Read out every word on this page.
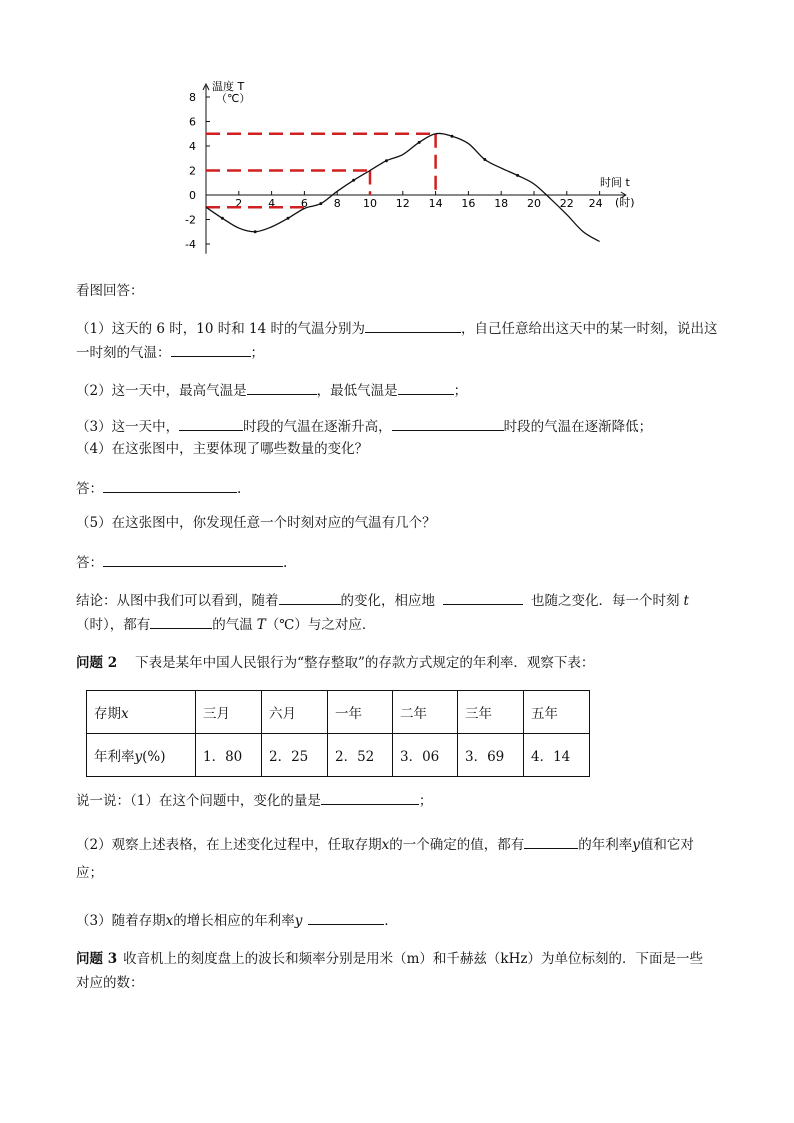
-4
-2
0
2
4
6
8
2 4 6 8 10 12 14 16 18 20 22 24
温度 T
（℃）
时间 t
(时)
看图回答：
（1）这天的 6 时，10 时和 14 时的气温分别为	，自己任意给出这天中的某一时刻，说出这
一时刻的气温：	；
（2）这一天中，最高气温是	，最低气温是	；
（3）这一天中，	时段的气温在逐渐升高，	时段的气温在逐渐降低；
（4）在这张图中，主要体现了哪些数量的变化？
答：	.
（5）在这张图中，你发现任意一个时刻对应的气温有几个？
答：	.
结论：从图中我们可以看到，随着	的变化，相应地	也随之变化．每一个时刻 t
（时），都有	的气温 T（℃）与之对应．
问题 2 下表是某年中国人民银行为“整存整取”的存款方式规定的年利率．观察下表：
存期x	三月	六月	一年	二年	三年	五年
年利率y(%)	1．80	2．25	2．52	3．06	3．69	4．14
说一说：（1）在这个问题中，变化的量是	；
（2）观察上述表格，在上述变化过程中，任取存期x的一个确定的值，都有	的年利率y值和它对
应；
（3）随着存期x的增长相应的年利率y	．
问题 3 收音机上的刻度盘上的波长和频率分别是用米（m）和千赫兹（kHz）为单位标刻的．下面是一些
对应的数：
